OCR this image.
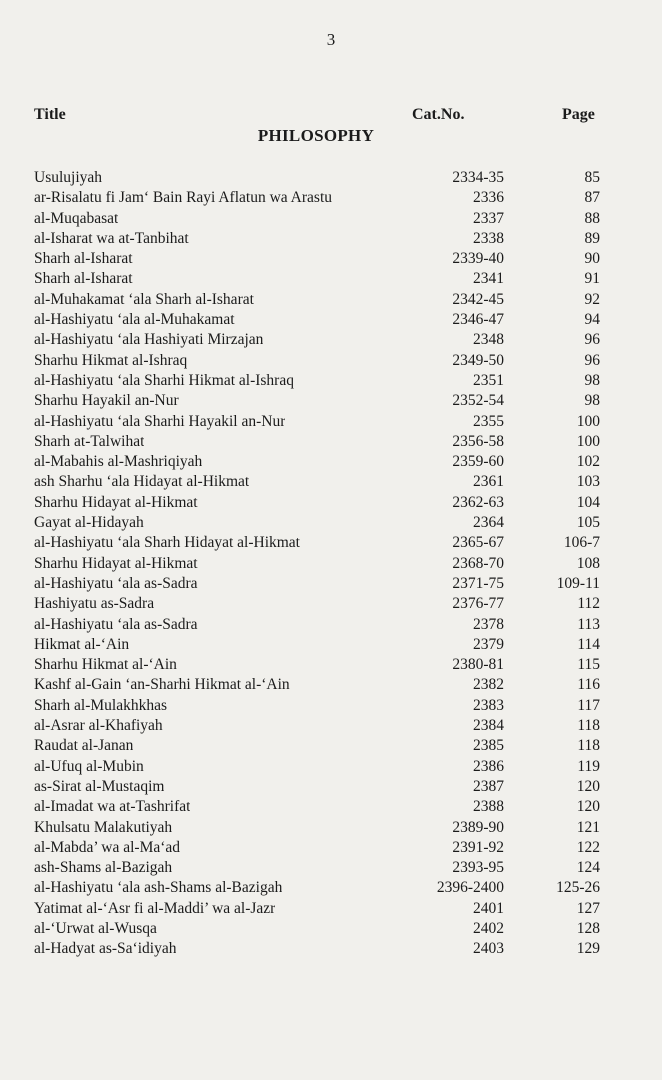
3
Title	Cat.No.	Page
PHILOSOPHY
Usulujiyah	2334-35	85
ar-Risalatu fi Jam‘ Bain Rayi Aflatun wa Arastu	2336	87
al-Muqabasat	2337	88
al-Isharat wa at-Tanbihat	2338	89
Sharh al-Isharat	2339-40	90
Sharh al-Isharat	2341	91
al-Muhakamat ‘ala Sharh al-Isharat	2342-45	92
al-Hashiyatu ‘ala al-Muhakamat	2346-47	94
al-Hashiyatu ‘ala Hashiyati Mirzajan	2348	96
Sharhu Hikmat al-Ishraq	2349-50	96
al-Hashiyatu ‘ala Sharhi Hikmat al-Ishraq	2351	98
Sharhu Hayakil an-Nur	2352-54	98
al-Hashiyatu ‘ala Sharhi Hayakil an-Nur	2355	100
Sharh at-Talwihat	2356-58	100
al-Mabahis al-Mashriqiyah	2359-60	102
ash Sharhu ‘ala Hidayat al-Hikmat	2361	103
Sharhu Hidayat al-Hikmat	2362-63	104
Gayat al-Hidayah	2364	105
al-Hashiyatu ‘ala Sharh Hidayat al-Hikmat	2365-67	106-7
Sharhu Hidayat al-Hikmat	2368-70	108
al-Hashiyatu ‘ala as-Sadra	2371-75	109-11
Hashiyatu as-Sadra	2376-77	112
al-Hashiyatu ‘ala as-Sadra	2378	113
Hikmat al-‘Ain	2379	114
Sharhu Hikmat al-‘Ain	2380-81	115
Kashf al-Gain ‘an-Sharhi Hikmat al-‘Ain	2382	116
Sharh al-Mulakhkhas	2383	117
al-Asrar al-Khafiyah	2384	118
Raudat al-Janan	2385	118
al-Ufuq al-Mubin	2386	119
as-Sirat al-Mustaqim	2387	120
al-Imadat wa at-Tashrifat	2388	120
Khulsatu Malakutiyah	2389-90	121
al-Mabda’ wa al-Ma‘ad	2391-92	122
ash-Shams al-Bazigah	2393-95	124
al-Hashiyatu ‘ala ash-Shams al-Bazigah	2396-2400	125-26
Yatimat al-‘Asr fi al-Maddi’ wa al-Jazr	2401	127
al-‘Urwat al-Wusqa	2402	128
al-Hadyat as-Sa‘idiyah	2403	129
